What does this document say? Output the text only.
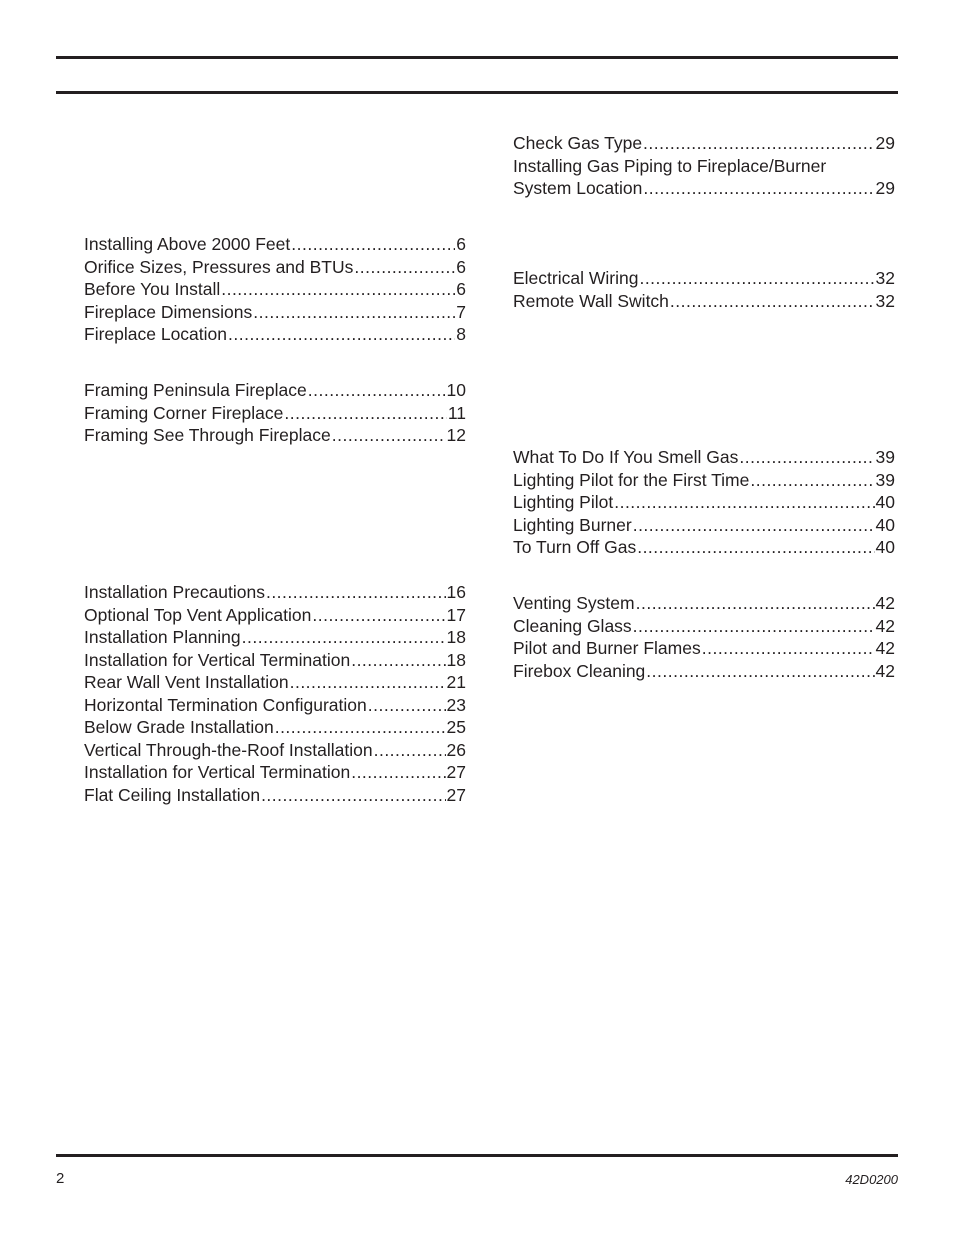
Installing Above 2000 Feet .....	6
Orifice Sizes, Pressures and BTUs .....	6
Before You Install .....	6
Fireplace Dimensions .....	7
Fireplace Location .....	8
Framing Peninsula Fireplace .....	10
Framing Corner Fireplace .....	11
Framing See Through Fireplace .....	12
Installation Precautions .....	16
Optional Top Vent Application .....	17
Installation Planning .....	18
Installation for Vertical Termination .....	18
Rear Wall Vent Installation .....	21
Horizontal Termination Configuration .....	23
Below Grade Installation .....	25
Vertical Through-the-Roof Installation .....	26
Installation for Vertical Termination .....	27
Flat Ceiling Installation .....	27
Check Gas Type .....	29
Installing Gas Piping to Fireplace/Burner
System Location .....	29
Electrical Wiring .....	32
Remote Wall Switch .....	32
What To Do If You Smell Gas .....	39
Lighting Pilot for the First Time .....	39
Lighting Pilot .....	40
Lighting Burner .....	40
To Turn Off Gas .....	40
Venting System .....	42
Cleaning Glass .....	42
Pilot and Burner Flames .....	42
Firebox Cleaning .....	42
2	42D0200
